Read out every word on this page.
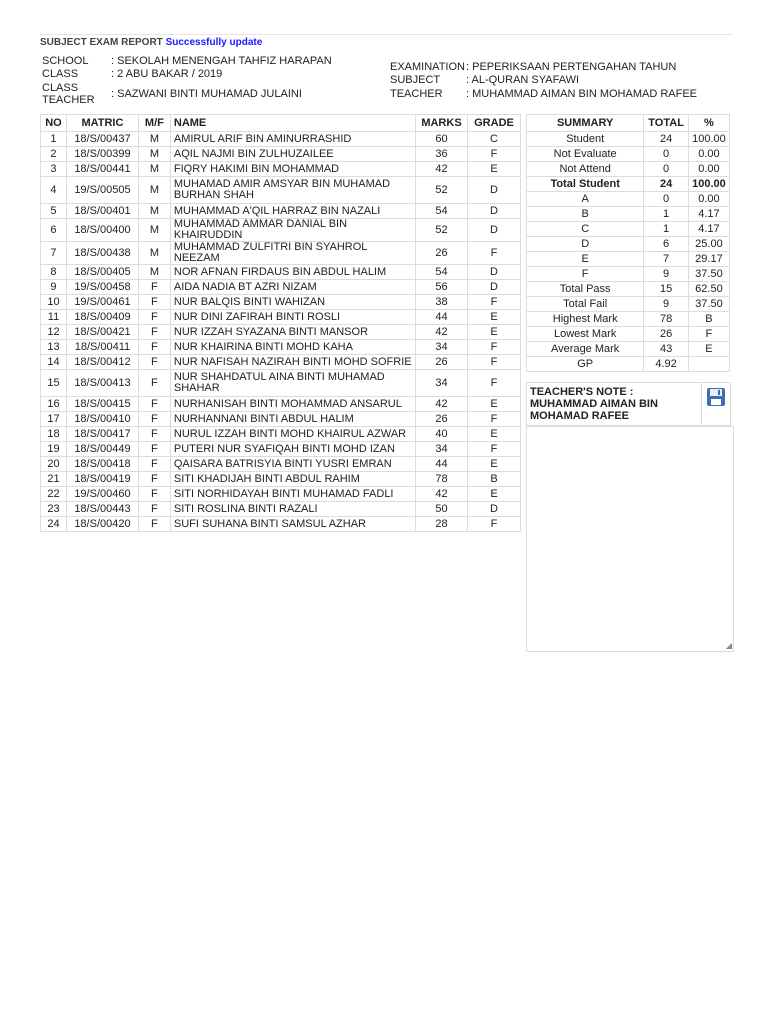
SUBJECT EXAM REPORT Successfully update
SCHOOL : SEKOLAH MENENGAH TAHFIZ HARAPAN
CLASS	: 2 ABU BAKAR / 2019
CLASS
TEACHER : SAZWANI BINTI MUHAMAD JULAINI
EXAMINATION : PEPERIKSAAN PERTENGAHAN TAHUN
SUBJECT : AL-QURAN SYAFAWI
TEACHER : MUHAMMAD AIMAN BIN MOHAMAD RAFEE
NO	MATRIC	M/F	NAME	MARKS	GRADE
1	18/S/00437	M	AMIRUL ARIF BIN AMINURRASHID	60	C
2	18/S/00399	M	AQIL NAJMI BIN ZULHUZAILEE	36	F
3	18/S/00441	M	FIQRY HAKIMI BIN MOHAMMAD	42	E
4	19/S/00505	M	MUHAMAD AMIR AMSYAR BIN MUHAMAD BURHAN SHAH	52	D
5	18/S/00401	M	MUHAMMAD A'QIL HARRAZ BIN NAZALI	54	D
6	18/S/00400	M	MUHAMMAD AMMAR DANIAL BIN KHAIRUDDIN	52	D
7	18/S/00438	M	MUHAMMAD ZULFITRI BIN SYAHROL NEEZAM	26	F
8	18/S/00405	M	NOR AFNAN FIRDAUS BIN ABDUL HALIM	54	D
9	19/S/00458	F	AIDA NADIA BT AZRI NIZAM	56	D
10	19/S/00461	F	NUR BALQIS BINTI WAHIZAN	38	F
11	18/S/00409	F	NUR DINI ZAFIRAH BINTI ROSLI	44	E
12	18/S/00421	F	NUR IZZAH SYAZANA BINTI MANSOR	42	E
13	18/S/00411	F	NUR KHAIRINA BINTI MOHD KAHA	34	F
14	18/S/00412	F	NUR NAFISAH NAZIRAH BINTI MOHD SOFRIE	26	F
15	18/S/00413	F	NUR SHAHDATUL AINA BINTI MUHAMAD SHAHAR	34	F
16	18/S/00415	F	NURHANISAH BINTI MOHAMMAD ANSARUL	42	E
17	18/S/00410	F	NURHANNANI BINTI ABDUL HALIM	26	F
18	18/S/00417	F	NURUL IZZAH BINTI MOHD KHAIRUL AZWAR	40	E
19	18/S/00449	F	PUTERI NUR SYAFIQAH BINTI MOHD IZAN	34	F
20	18/S/00418	F	QAISARA BATRISYIA BINTI YUSRI EMRAN	44	E
21	18/S/00419	F	SITI KHADIJAH BINTI ABDUL RAHIM	78	B
22	19/S/00460	F	SITI NORHIDAYAH BINTI MUHAMAD FADLI	42	E
23	18/S/00443	F	SITI ROSLINA BINTI RAZALI	50	D
24	18/S/00420	F	SUFI SUHANA BINTI SAMSUL AZHAR	28	F
SUMMARY	TOTAL	%
Student	24	100.00
Not Evaluate	0	0.00
Not Attend	0	0.00
Total Student	24	100.00
A	0	0.00
B	1	4.17
C	1	4.17
D	6	25.00
E	7	29.17
F	9	37.50
Total Pass	15	62.50
Total Fail	9	37.50
Highest Mark	78	B
Lowest Mark	26	F
Average Mark	43	E
GP	4.92	
TEACHER'S NOTE :
MUHAMMAD AIMAN BIN MOHAMAD RAFEE
◢
